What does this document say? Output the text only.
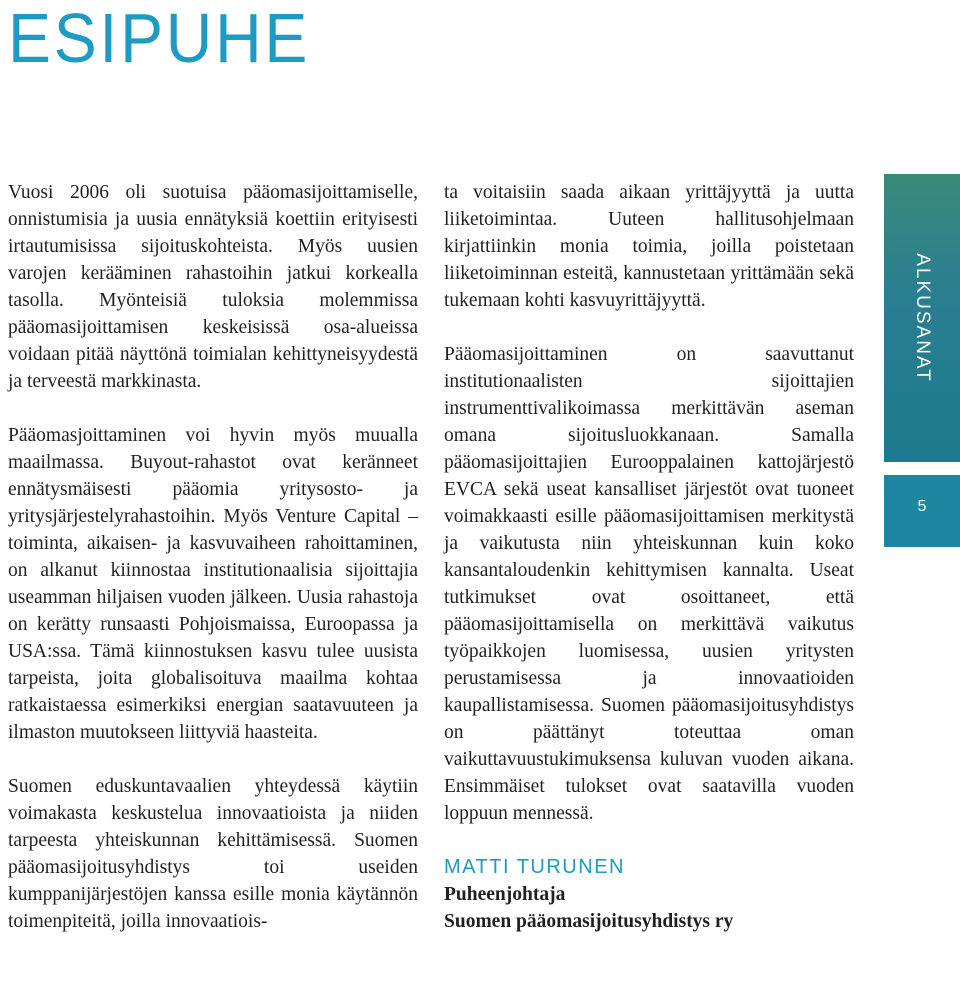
ESIPUHE

Vuosi 2006 oli suotuisa pääomasijoittamiselle, onnistumisia ja uusia ennätyksiä koettiin erityisesti irtautumisissa sijoituskohteista. Myös uusien varojen kerääminen rahastoihin jatkui korkealla tasolla. Myönteisiä tuloksia molemmissa pääomasijoittamisen keskeisissä osa-alueissa voidaan pitää näyttönä toimialan kehittyneisyydestä ja terveestä markkinasta.

Pääomasjoittaminen voi hyvin myös muualla maailmassa. Buyout-rahastot ovat keränneet ennätysmäisesti pääomia yritysosto- ja yritysjärjestelyrahastoihin. Myös Venture Capital – toiminta, aikaisen- ja kasvuvaiheen rahoittaminen, on alkanut kiinnostaa institutionaalisia sijoittajia useamman hiljaisen vuoden jälkeen. Uusia rahastoja on kerätty runsaasti Pohjoismaissa, Euroopassa ja USA:ssa. Tämä kiinnostuksen kasvu tulee uusista tarpeista, joita globalisoituva maailma kohtaa ratkaistaessa esimerkiksi energian saatavuuteen ja ilmaston muutokseen liittyviä haasteita.

Suomen eduskuntavaalien yhteydessä käytiin voimakasta keskustelua innovaatioista ja niiden tarpeesta yhteiskunnan kehittämisessä. Suomen pääomasijoitusyhdistys toi useiden kumppanijärjestöjen kanssa esille monia käytännön toimenpiteitä, joilla innovaatiois-

ta voitaisiin saada aikaan yrittäjyyttä ja uutta liiketoimintaa. Uuteen hallitusohjelmaan kirjattiinkin monia toimia, joilla poistetaan liiketoiminnan esteitä, kannustetaan yrittämään sekä tukemaan kohti kasvuyrittäjyyttä.

Pääomasijoittaminen on saavuttanut institutionaalisten sijoittajien instrumenttivalikoimassa merkittävän aseman omana sijoitusluokkanaan. Samalla pääomasijoittajien Eurooppalainen kattojärjestö EVCA sekä useat kansalliset järjestöt ovat tuoneet voimakkaasti esille pääomasijoittamisen merkitystä ja vaikutusta niin yhteiskunnan kuin koko kansantaloudenkin kehittymisen kannalta. Useat tutkimukset ovat osoittaneet, että pääomasijoittamisella on merkittävä vaikutus työpaikkojen luomisessa, uusien yritysten perustamisessa ja innovaatioiden kaupallistamisessa. Suomen pääomasijoitusyhdistys on päättänyt toteuttaa oman vaikuttavuustukimuksensa kuluvan vuoden aikana. Ensimmäiset tulokset ovat saatavilla vuoden loppuun mennessä.

MATTI TURUNEN
Puheenjohtaja
Suomen pääomasijoitusyhdistys ry
ALKUSANAT
5
